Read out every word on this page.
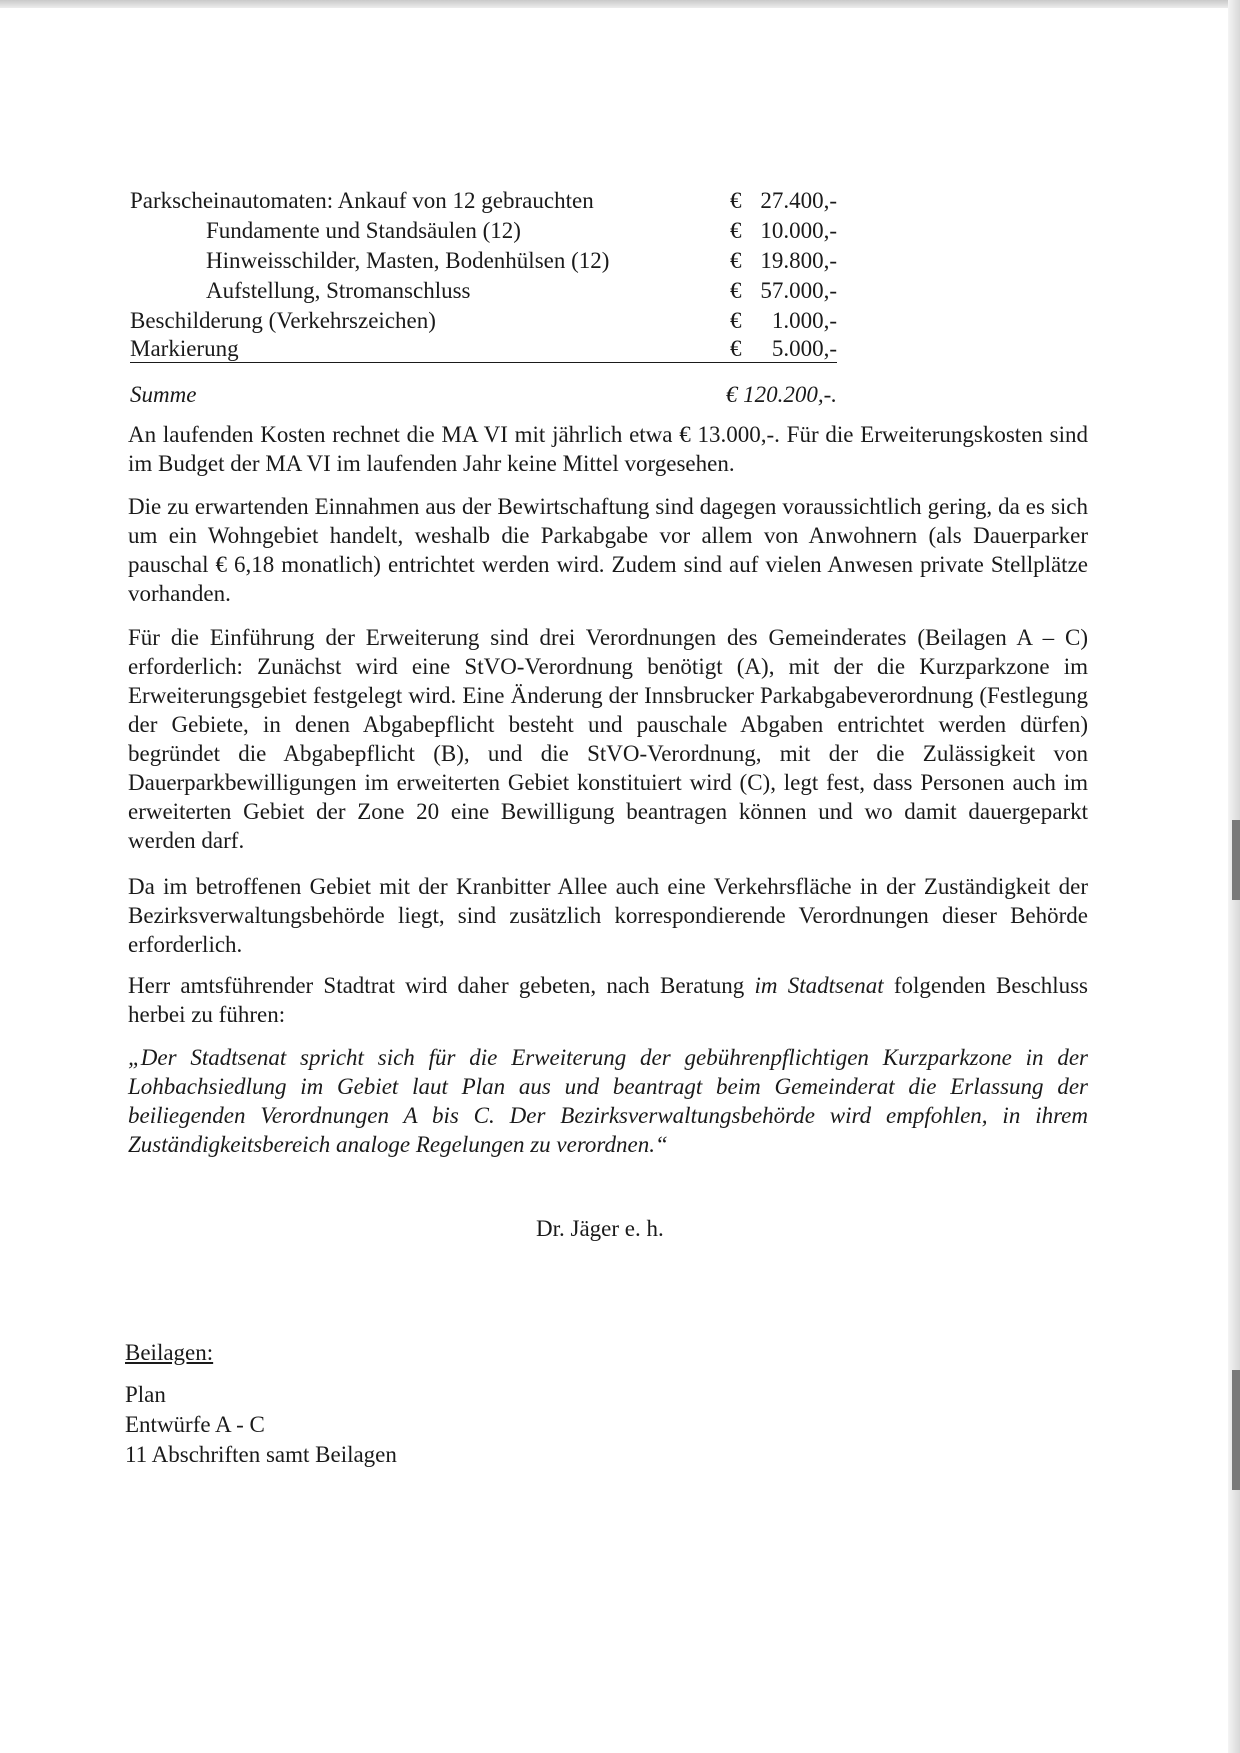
Parkscheinautomaten: Ankauf von 12 gebrauchten	€ 27.400,-
Fundamente und Standsäulen (12)	€ 10.000,-
Hinweisschilder, Masten, Bodenhülsen (12)	€ 19.800,-
Aufstellung, Stromanschluss	€ 57.000,-
Beschilderung (Verkehrszeichen)	€ 1.000,-
Markierung	€ 5.000,-
Summe	€ 120.200,-.

An laufenden Kosten rechnet die MA VI mit jährlich etwa € 13.000,-. Für die Erweiterungskosten sind im Budget der MA VI im laufenden Jahr keine Mittel vorgesehen.

Die zu erwartenden Einnahmen aus der Bewirtschaftung sind dagegen voraussichtlich gering, da es sich um ein Wohngebiet handelt, weshalb die Parkabgabe vor allem von Anwohnern (als Dauerparker pauschal € 6,18 monatlich) entrichtet werden wird. Zudem sind auf vielen Anwesen private Stellplätze vorhanden.

Für die Einführung der Erweiterung sind drei Verordnungen des Gemeinderates (Beilagen A – C) erforderlich: Zunächst wird eine StVO-Verordnung benötigt (A), mit der die Kurzparkzone im Erweiterungsgebiet festgelegt wird. Eine Änderung der Innsbrucker Parkabgabeverordnung (Festlegung der Gebiete, in denen Abgabepflicht besteht und pauschale Abgaben entrichtet werden dürfen) begründet die Abgabepflicht (B), und die StVO-Verordnung, mit der die Zulässigkeit von Dauerparkbewilligungen im erweiterten Gebiet konstituiert wird (C), legt fest, dass Personen auch im erweiterten Gebiet der Zone 20 eine Bewilligung beantragen können und wo damit dauergeparkt werden darf.

Da im betroffenen Gebiet mit der Kranbitter Allee auch eine Verkehrsfläche in der Zuständigkeit der Bezirksverwaltungsbehörde liegt, sind zusätzlich korrespondierende Verordnungen dieser Behörde erforderlich.

Herr amtsführender Stadtrat wird daher gebeten, nach Beratung im Stadtsenat folgenden Beschluss herbei zu führen:

„Der Stadtsenat spricht sich für die Erweiterung der gebührenpflichtigen Kurzparkzone in der Lohbachsiedlung im Gebiet laut Plan aus und beantragt beim Gemeinderat die Erlassung der beiliegenden Verordnungen A bis C. Der Bezirksverwaltungsbehörde wird empfohlen, in ihrem Zuständigkeitsbereich analoge Regelungen zu verordnen.“

Dr. Jäger e. h.
Beilagen:
Plan
Entwürfe A - C
11 Abschriften samt Beilagen
